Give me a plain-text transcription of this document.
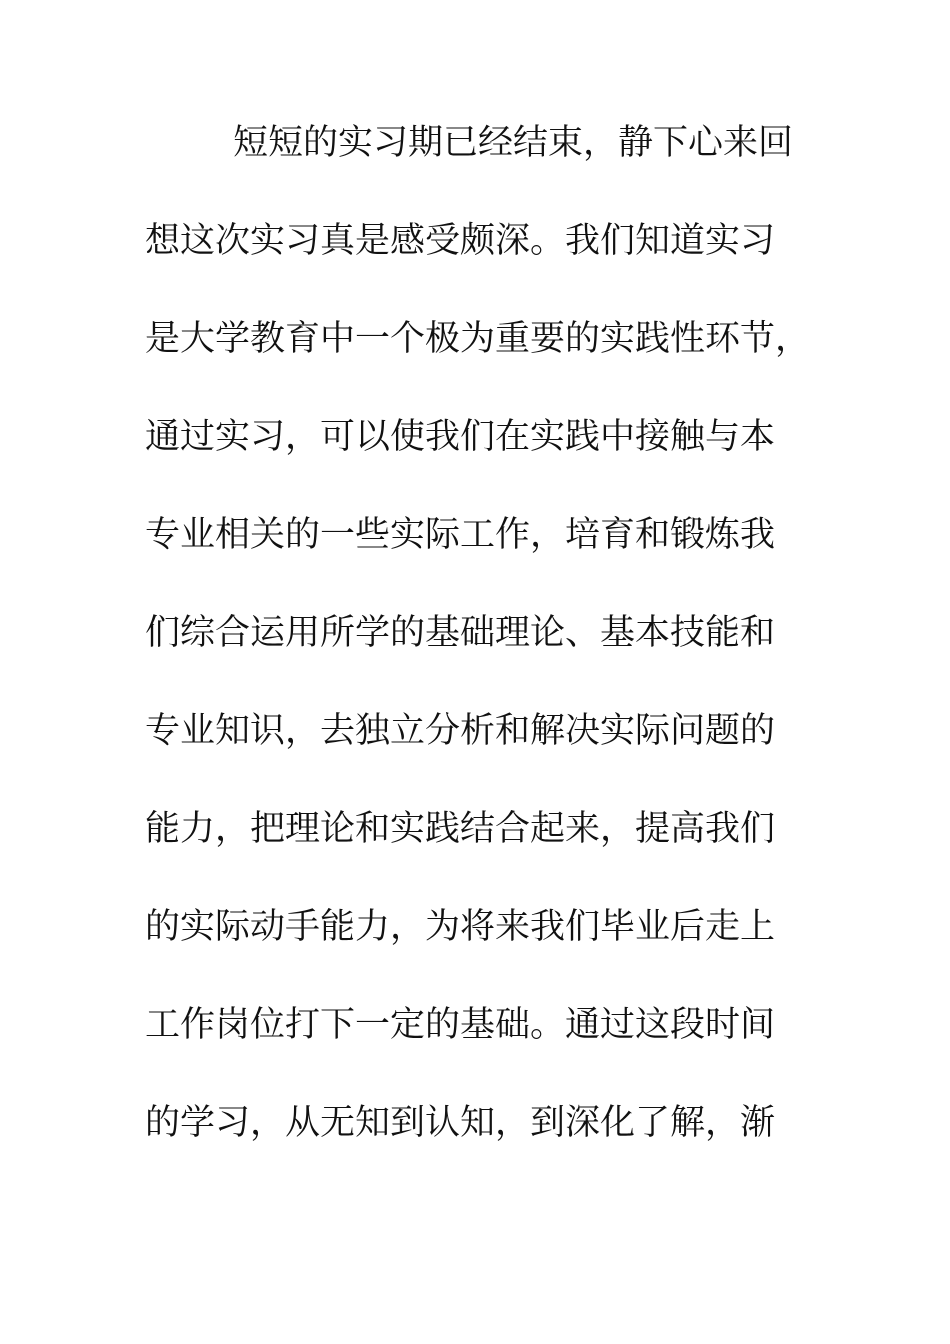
短短的实习期已经结束，静下心来回
想这次实习真是感受颇深。我们知道实习
是大学教育中一个极为重要的实践性环节，
通过实习，可以使我们在实践中接触与本
专业相关的一些实际工作，培育和锻炼我
们综合运用所学的基础理论、基本技能和
专业知识，去独立分析和解决实际问题的
能力，把理论和实践结合起来，提高我们
的实际动手能力，为将来我们毕业后走上
工作岗位打下一定的基础。通过这段时间
的学习，从无知到认知，到深化了解，渐
